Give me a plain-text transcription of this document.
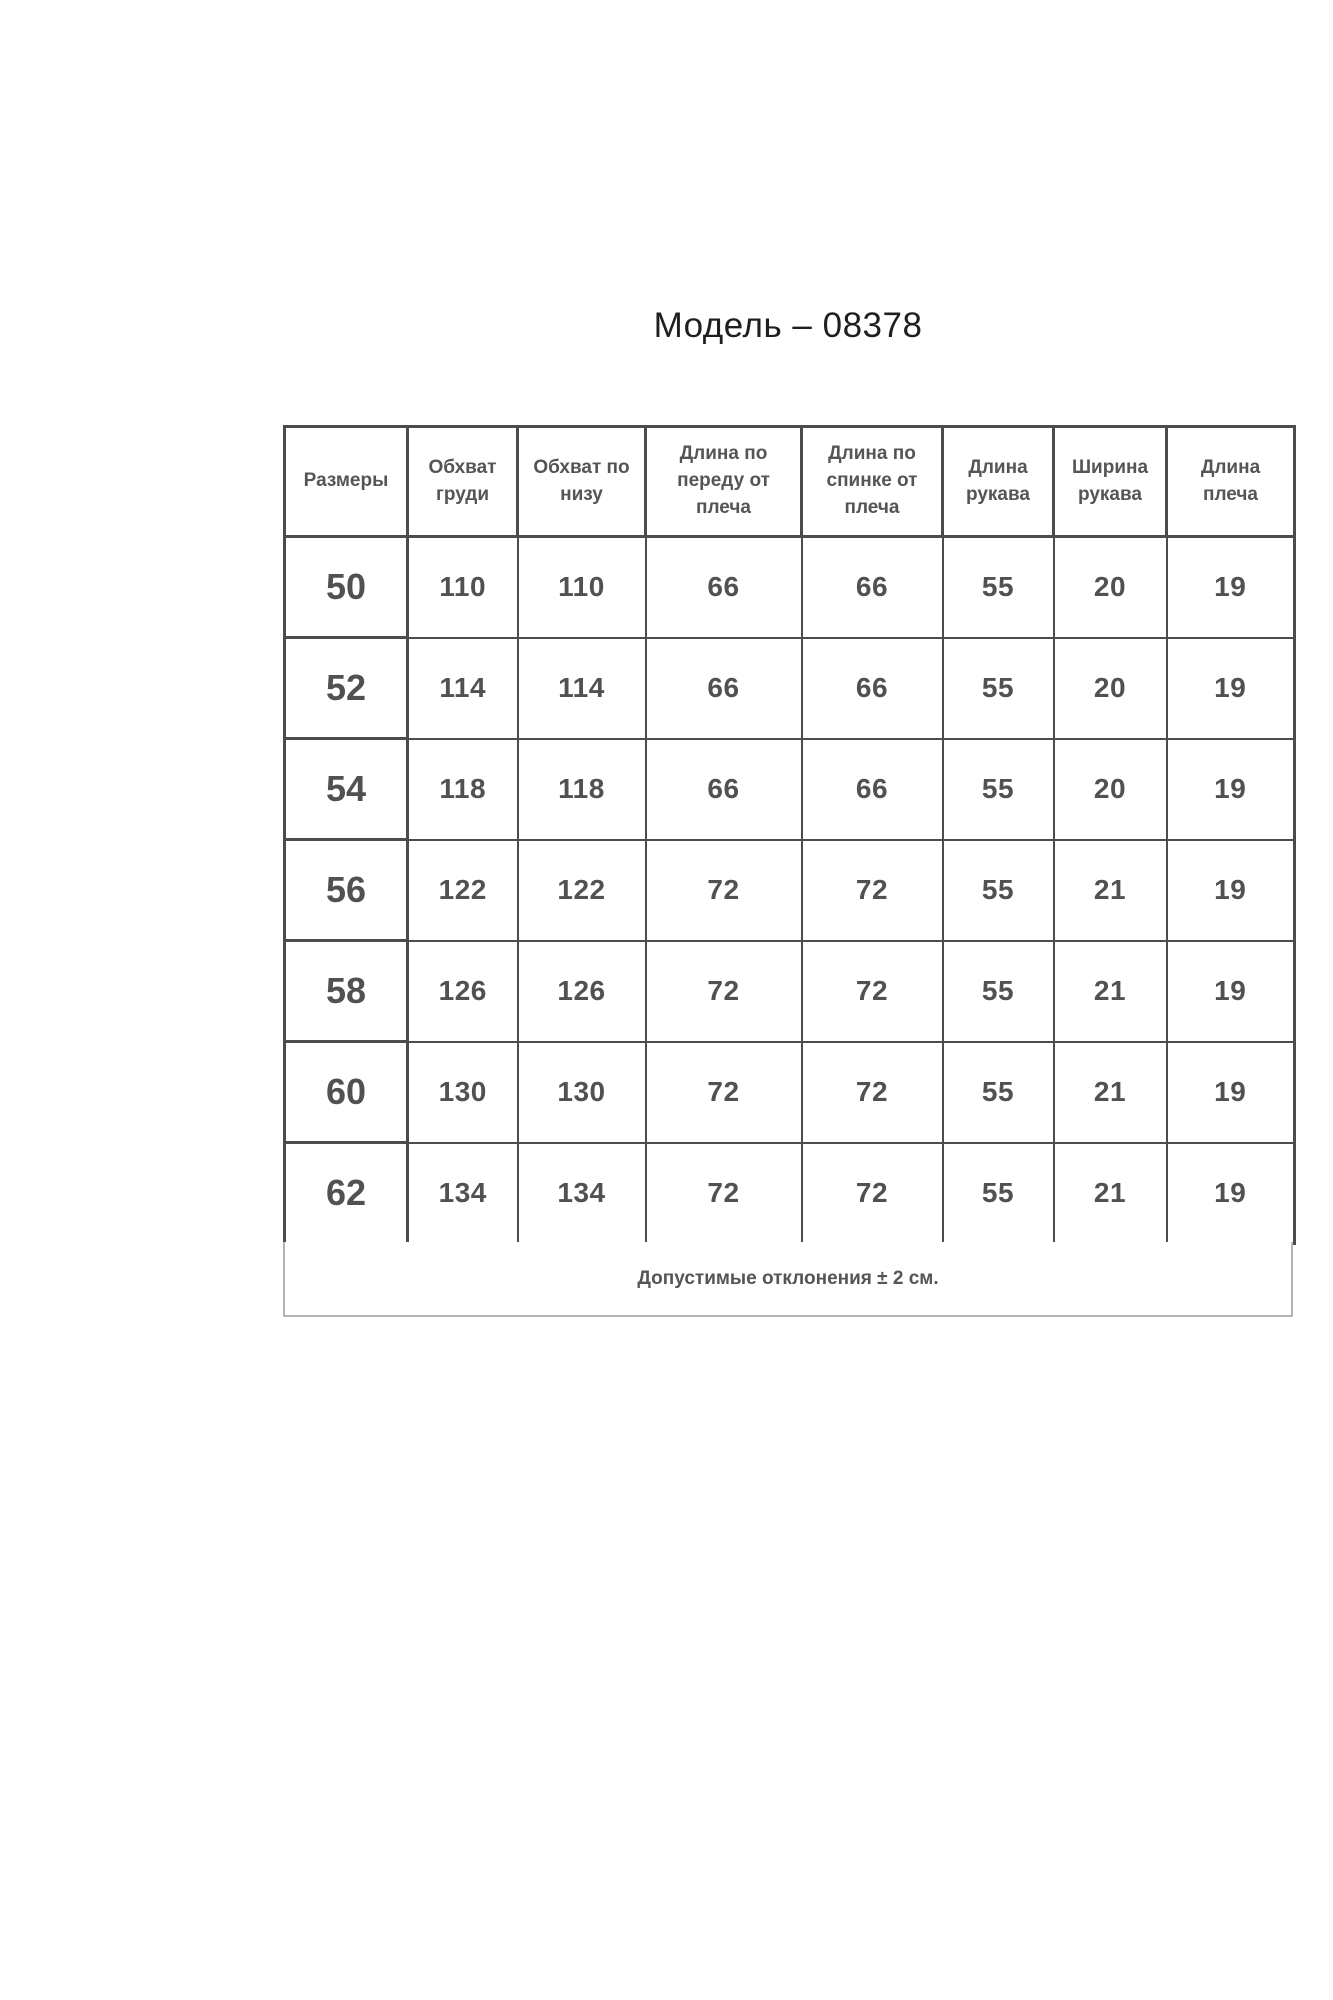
Модель – 08378
Размеры	Обхват груди	Обхват по низу	Длина по переду от плеча	Длина по спинке от плеча	Длина рукава	Ширина рукава	Длина плеча
50	110	110	66	66	55	20	19
52	114	114	66	66	55	20	19
54	118	118	66	66	55	20	19
56	122	122	72	72	55	21	19
58	126	126	72	72	55	21	19
60	130	130	72	72	55	21	19
62	134	134	72	72	55	21	19
Допустимые отклонения ± 2 см.
